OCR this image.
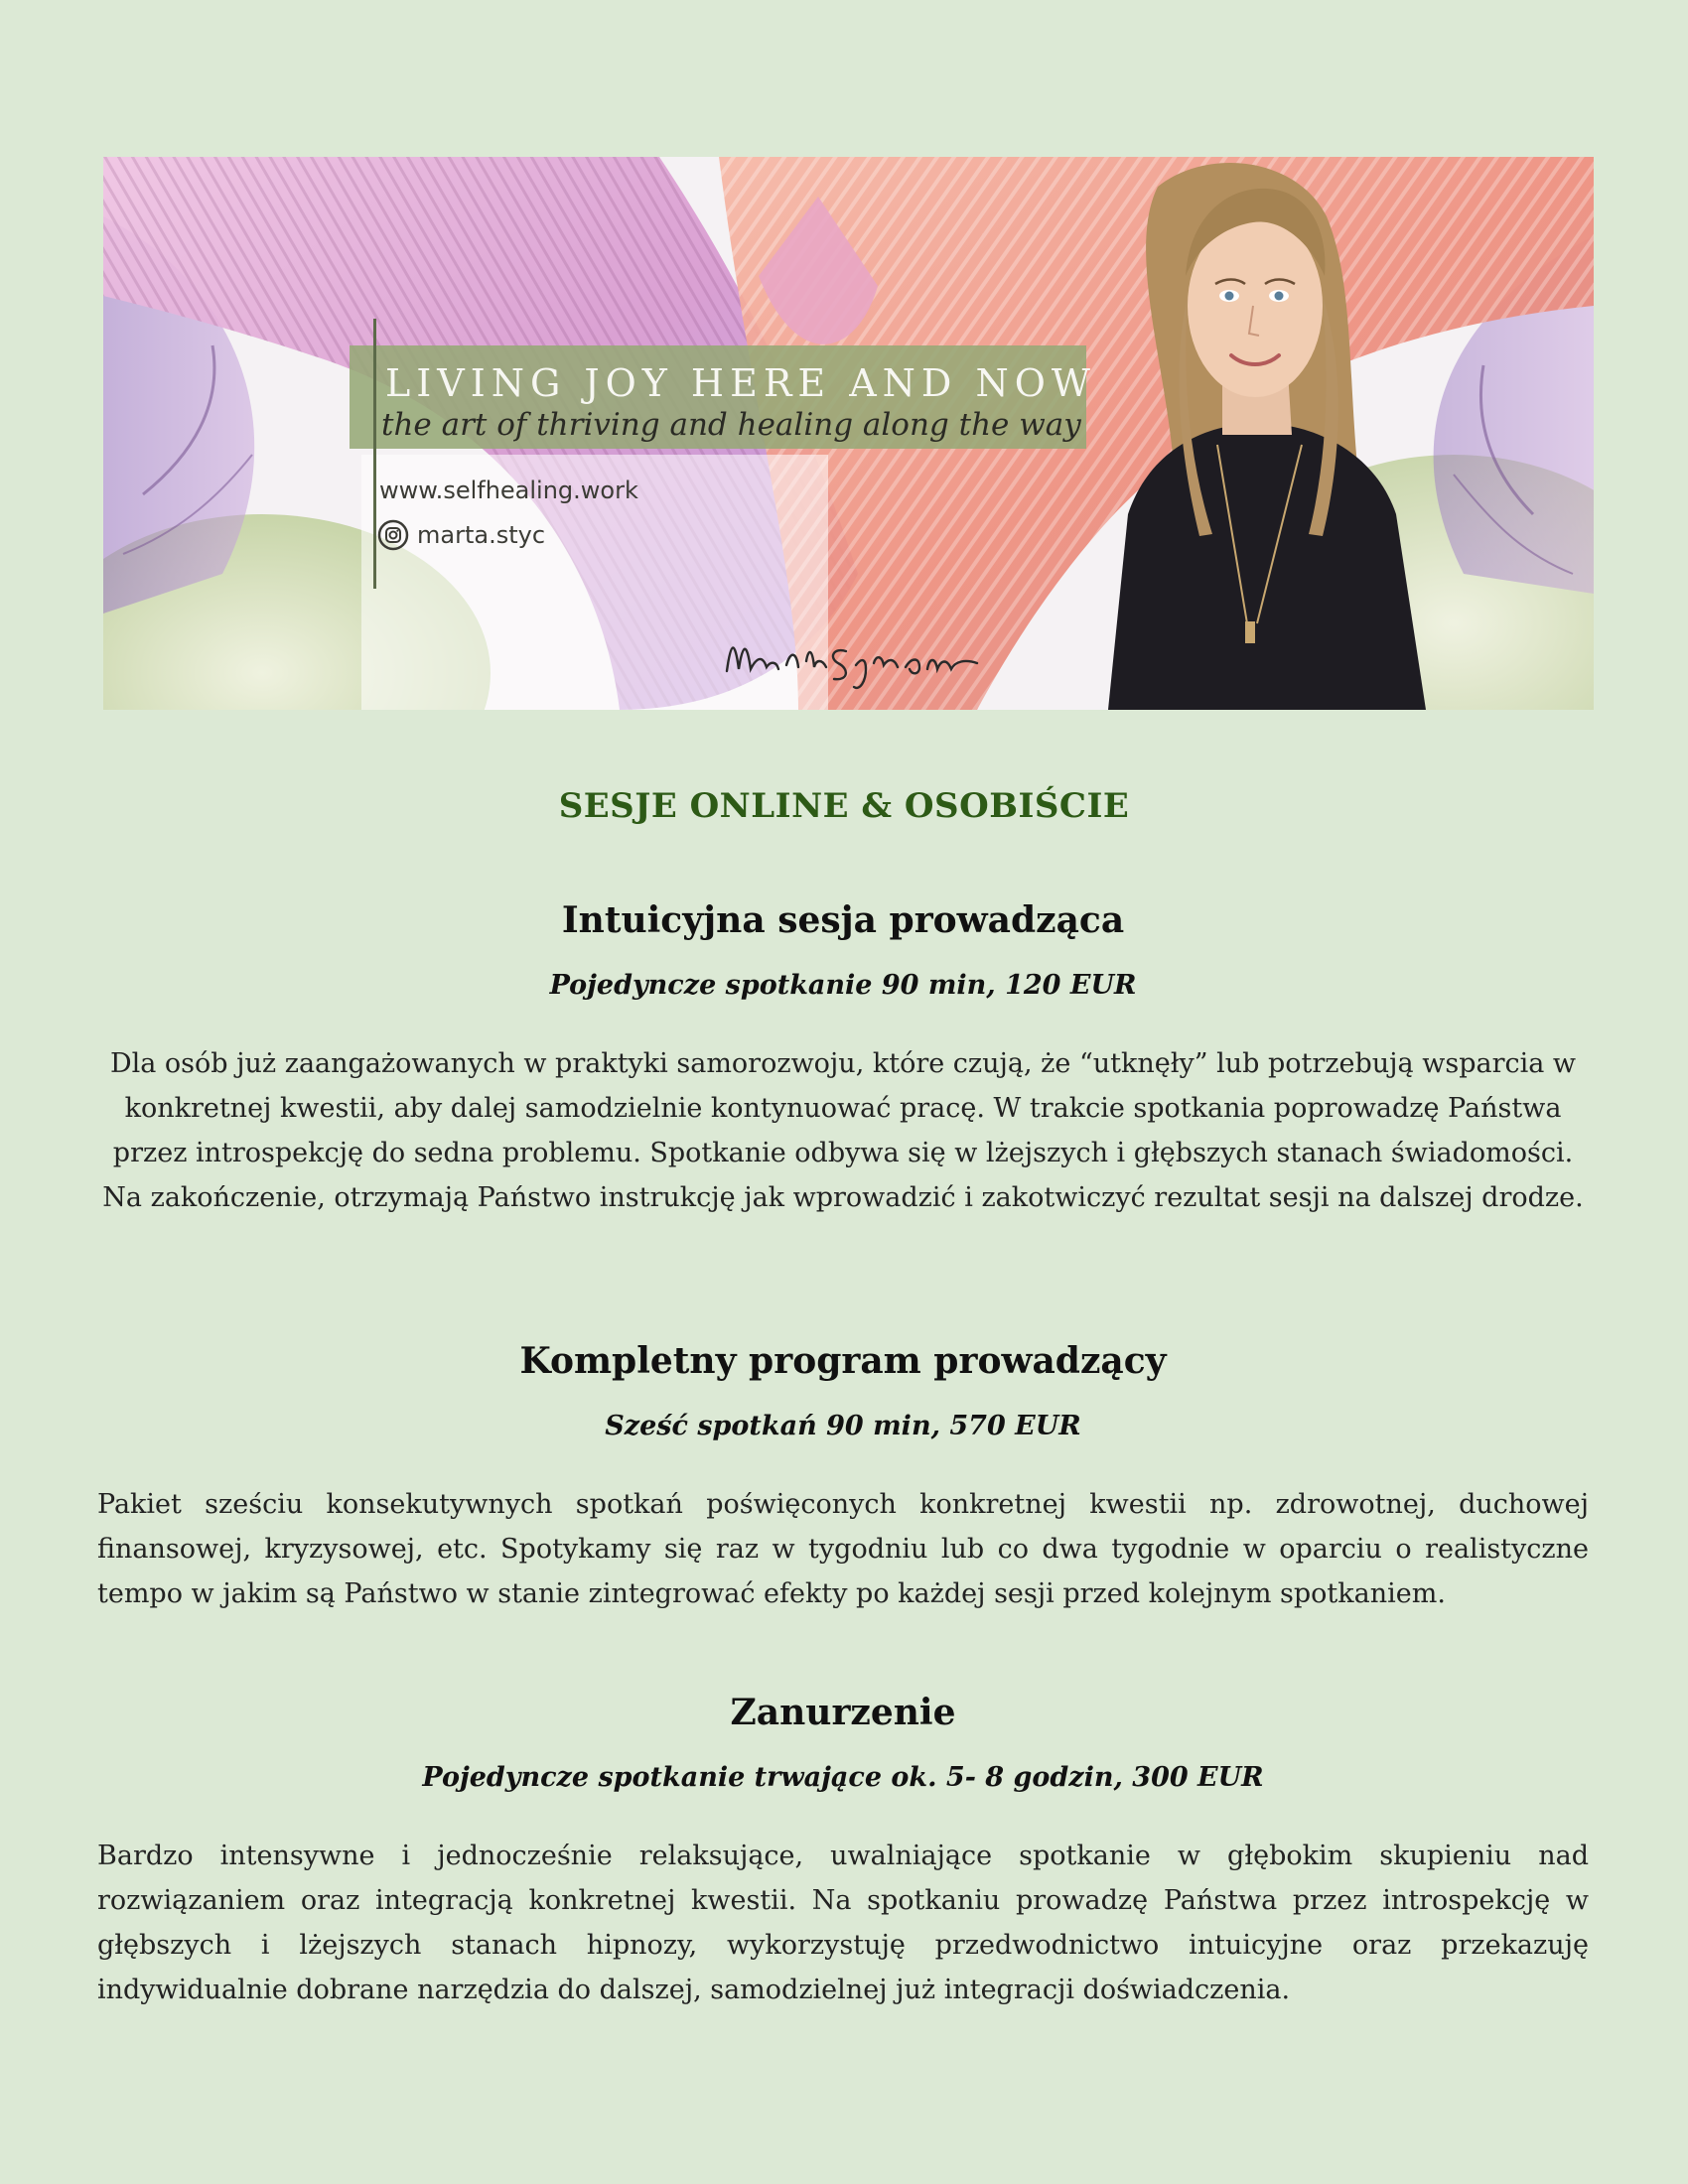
LIVING JOY HERE AND NOW
the art of thriving and healing along the way
www.selfhealing.work
marta.styc
SESJE ONLINE & OSOBIŚCIE
Intuicyjna sesja prowadząca

Pojedyncze spotkanie 90 min, 120 EUR

Dla osób już zaangażowanych w praktyki samorozwoju, które czują, że “utknęły” lub potrzebują wsparcia w konkretnej kwestii, aby dalej samodzielnie kontynuować pracę. W trakcie spotkania poprowadzę Państwa przez introspekcję do sedna problemu. Spotkanie odbywa się w lżejszych i głębszych stanach świadomości. Na zakończenie, otrzymają Państwo instrukcję jak wprowadzić i zakotwiczyć rezultat sesji na dalszej drodze.

Kompletny program prowadzący

Sześć spotkań 90 min, 570 EUR

Pakiet sześciu konsekutywnych spotkań poświęconych konkretnej kwestii np. zdrowotnej, duchowej finansowej, kryzysowej, etc. Spotykamy się raz w tygodniu lub co dwa tygodnie w oparciu o realistyczne tempo w jakim są Państwo w stanie zintegrować efekty po każdej sesji przed kolejnym spotkaniem.

Zanurzenie

Pojedyncze spotkanie trwające ok. 5- 8 godzin, 300 EUR

Bardzo intensywne i jednocześnie relaksujące, uwalniające spotkanie w głębokim skupieniu nad rozwiązaniem oraz integracją konkretnej kwestii. Na spotkaniu prowadzę Państwa przez introspekcję w głębszych i lżejszych stanach hipnozy, wykorzystuję przedwodnictwo intuicyjne oraz przekazuję indywidualnie dobrane narzędzia do dalszej, samodzielnej już integracji doświadczenia.
